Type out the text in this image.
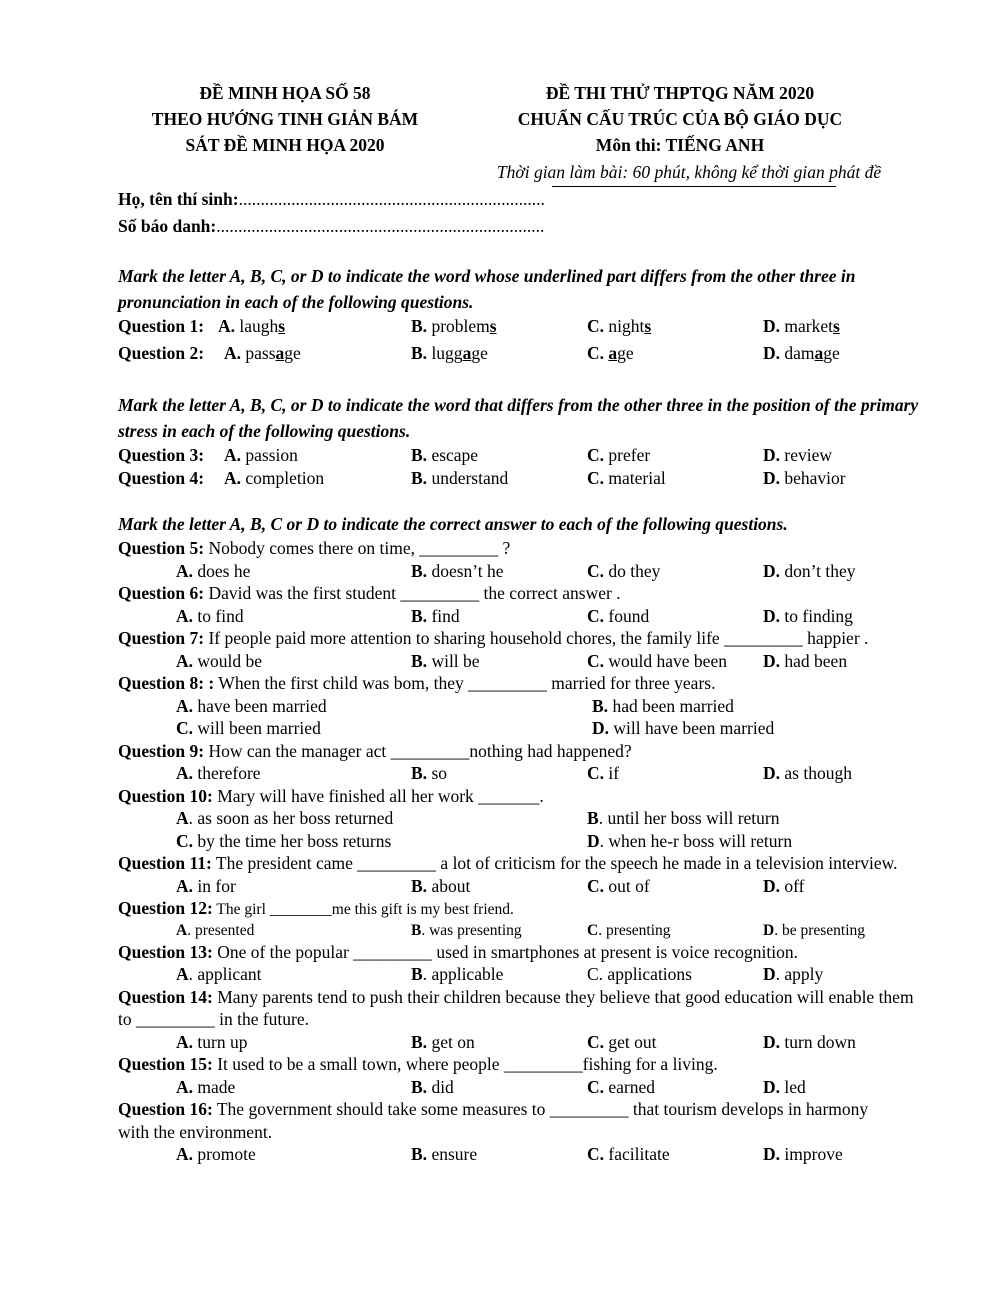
ĐỀ MINH HỌA SỐ 58
THEO HƯỚNG TINH GIẢN BÁM
SÁT ĐỀ MINH HỌA 2020
ĐỀ THI THỬ THPTQG NĂM 2020
CHUẨN CẤU TRÚC CỦA BỘ GIÁO DỤC
Môn thi: TIẾNG ANH
Thời gian làm bài: 60 phút, không kể thời gian phát đề
Họ, tên thí sinh:......................................................................
Số báo danh:...........................................................................
Mark the letter A, B, C, or D to indicate the word whose underlined part differs from the other three in pronunciation in each of the following questions.
Question 1: A. laughs	B. problems	C. nights	D. markets
Question 2: A. passage	B. luggage	C. age	D. damage
Mark the letter A, B, C, or D to indicate the word that differs from the other three in the position of the primary stress in each of the following questions.
Question 3: A. passion	B. escape	C. prefer	D. review
Question 4: A. completion	B. understand	C. material	D. behavior
Mark the letter A, B, C or D to indicate the correct answer to each of the following questions.
Question 5: Nobody comes there on time, _________ ?
A. does he	B. doesn’t he	C. do they	D. don’t they
Question 6: David was the first student _________ the correct answer .
A. to find	B. find	C. found	D. to finding
Question 7: If people paid more attention to sharing household chores, the family life _________ happier .
A. would be	B. will be	C. would have been D. had been
Question 8: : When the first child was bom, they _________ married for three years.
A. have been married	B. had been married
C. will been married	D. will have been married
Question 9: How can the manager act _________nothing had happened?
A. therefore	B. so	C. if	D. as though
Question 10: Mary will have finished all her work _______.
A. as soon as her boss returned	B. until her boss will return
C. by the time her boss returns	D. when he-r boss will return
Question 11: The president came _________ a lot of criticism for the speech he made in a television interview.
A. in for	B. about	C. out of	D. off
Question 12: The girl ________me this gift is my best friend.
A. presented	B. was presenting	C. presenting	D. be presenting
Question 13: One of the popular _________ used in smartphones at present is voice recognition.
A. applicant	B. applicable	C. applications	D. apply
Question 14: Many parents tend to push their children because they believe that good education will enable them to _________ in the future.
A. turn up	B. get on	C. get out	D. turn down
Question 15: It used to be a small town, where people _________fishing for a living.
A. made	B. did	C. earned	D. led
Question 16: The government should take some measures to _________ that tourism develops in harmony with the environment.
A. promote	B. ensure	C. facilitate	D. improve
